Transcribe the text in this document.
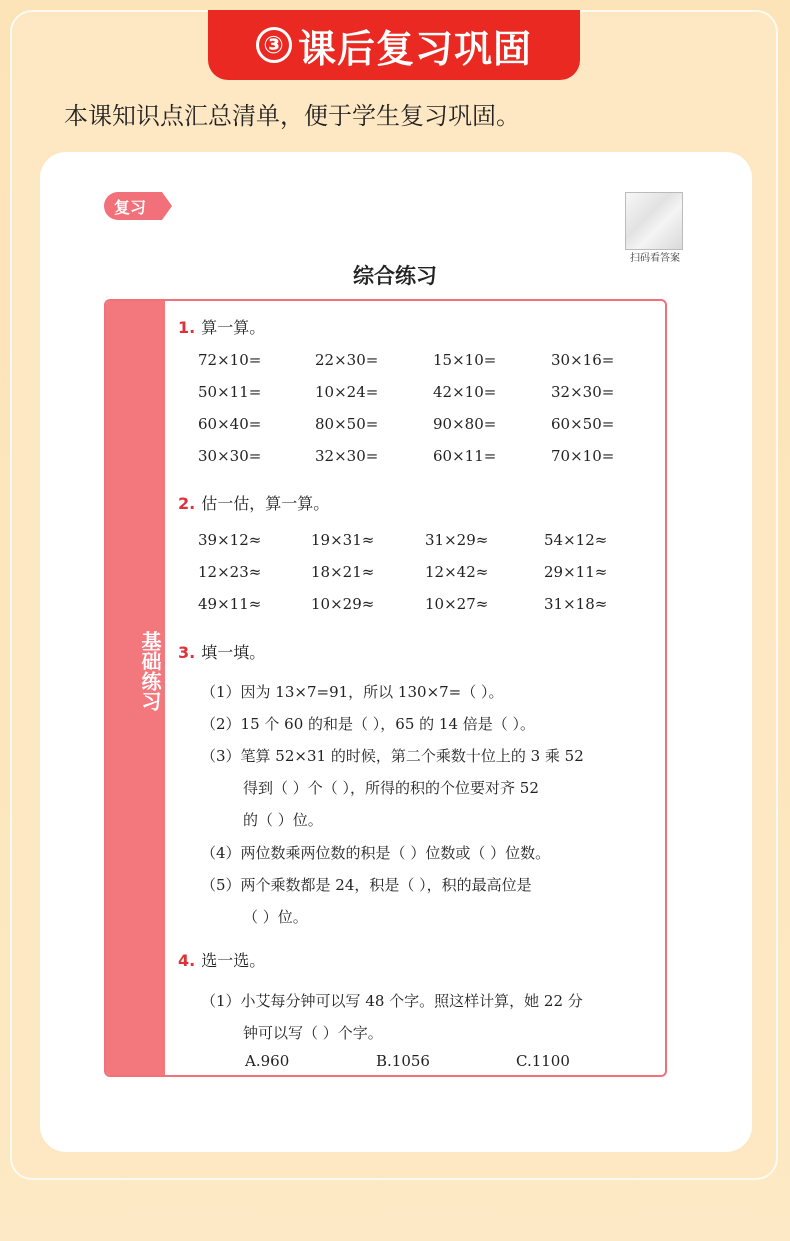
③ 课后复习巩固
本课知识点汇总清单，便于学生复习巩固。
复习
扫码看答案
综合练习
基础练习
1. 算一算。
2. 估一估，算一算。
3. 填一填。
（1）因为 13×7=91，所以 130×7=（ ）。
（2）15 个 60 的和是（ ），65 的 14 倍是（ ）。
（3）笔算 52×31 的时候，第二个乘数十位上的 3 乘 52
得到（ ）个（ ），所得的积的个位要对齐 52
的（ ）位。
（4）两位数乘两位数的积是（ ）位数或（ ）位数。
（5）两个乘数都是 24，积是（ ），积的最高位是
（ ）位。
4. 选一选。
（1）小艾每分钟可以写 48 个字。照这样计算，她 22 分
钟可以写（ ）个字。
A.960	B.1056	C.1100
72×10=	22×30=	15×10=	30×16=
50×11=	10×24=	42×10=	32×30=
60×40=	80×50=	90×80=	60×50=
30×30=	32×30=	60×11=	70×10=
39×12≈	19×31≈	31×29≈	54×12≈
12×23≈	18×21≈	12×42≈	29×11≈
49×11≈	10×29≈	10×27≈	31×18≈
